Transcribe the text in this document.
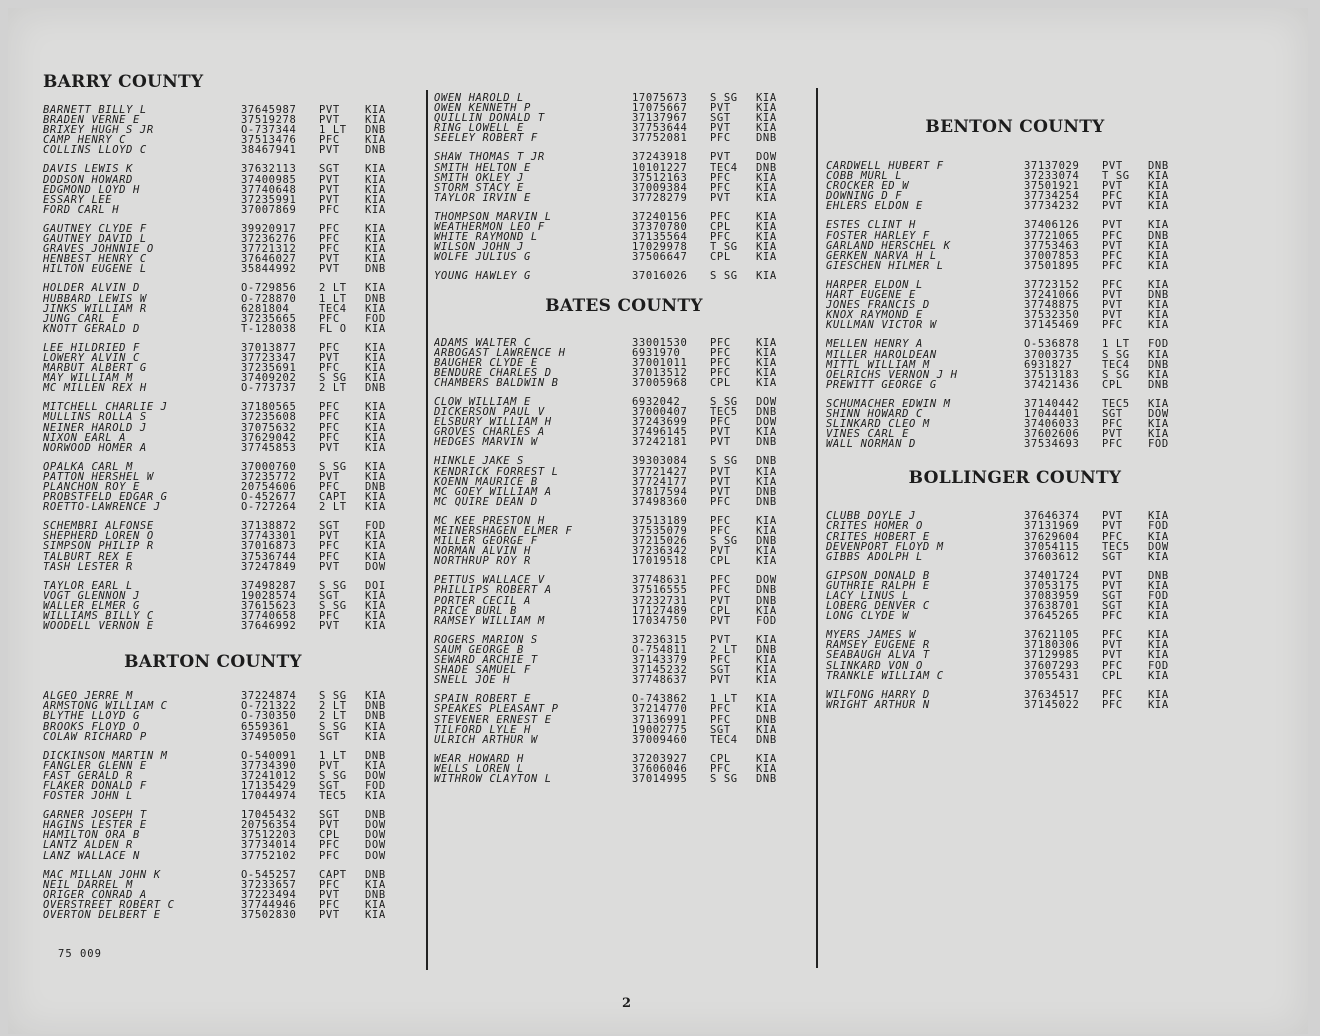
BARRY COUNTY
BARNETT BILLY L	37645987	PVT	KIA
BRADEN VERNE E	37519278	PVT	KIA
BRIXEY HUGH S JR	O-737344	1 LT	DNB
CAMP HENRY C	37513476	PFC	KIA
COLLINS LLOYD C	38467941	PVT	DNB
DAVIS LEWIS K	37632113	SGT	KIA
DODSON HOWARD	37400985	PVT	KIA
EDGMOND LOYD H	37740648	PVT	KIA
ESSARY LEE	37235991	PVT	KIA
FORD CARL H	37007869	PFC	KIA
GAUTNEY CLYDE F	39920917	PFC	KIA
GAUTNEY DAVID L	37236276	PFC	KIA
GRAVES JOHNNIE O	37721312	PFC	KIA
HENBEST HENRY C	37646027	PVT	KIA
HILTON EUGENE L	35844992	PVT	DNB
HOLDER ALVIN D	O-729856	2 LT	KIA
HUBBARD LEWIS W	O-728870	1 LT	DNB
JINKS WILLIAM R	6281804	TEC4	KIA
JUNG CARL E	37235665	PFC	FOD
KNOTT GERALD D	T-128038	FL O	KIA
LEE HILDRIED F	37013877	PFC	KIA
LOWERY ALVIN C	37723347	PVT	KIA
MARBUT ALBERT G	37235691	PFC	KIA
MAY WILLIAM M	37409202	S SG	KIA
MC MILLEN REX H	O-773737	2 LT	DNB
MITCHELL CHARLIE J	37180565	PFC	KIA
MULLINS ROLLA S	37235608	PFC	KIA
NEINER HAROLD J	37075632	PFC	KIA
NIXON EARL A	37629042	PFC	KIA
NORWOOD HOMER A	37745853	PVT	KIA
OPALKA CARL M	37000760	S SG	KIA
PATTON HERSHEL W	37235772	PVT	KIA
PLANCHON ROY E	20754606	PFC	DNB
PROBSTFELD EDGAR G	O-452677	CAPT	KIA
ROETTO-LAWRENCE J	O-727264	2 LT	KIA
SCHEMBRI ALFONSE	37138872	SGT	FOD
SHEPHERD LOREN O	37743301	PVT	KIA
SIMPSON PHILIP R	37016873	PFC	KIA
TALBURT REX E	37536744	PFC	KIA
TASH LESTER R	37247849	PVT	DOW
TAYLOR EARL L	37498287	S SG	DOI
VOGT GLENNON J	19028574	SGT	KIA
WALLER ELMER G	37615623	S SG	KIA
WILLIAMS BILLY C	37740658	PFC	KIA
WOODELL VERNON E	37646992	PVT	KIA
BARTON COUNTY
ALGEO JERRE M	37224874	S SG	KIA
ARMSTONG WILLIAM C	O-721322	2 LT	DNB
BLYTHE LLOYD G	O-730350	2 LT	DNB
BROOKS FLOYD O	6559361	S SG	KIA
COLAW RICHARD P	37495050	SGT	KIA
DICKINSON MARTIN M	O-540091	1 LT	DNB
FANGLER GLENN E	37734390	PVT	KIA
FAST GERALD R	37241012	S SG	DOW
FLAKER DONALD F	17135429	SGT	FOD
FOSTER JOHN L	17044974	TEC5	KIA
GARNER JOSEPH T	17045432	SGT	DNB
HAGINS LESTER E	20756354	PVT	DOW
HAMILTON ORA B	37512203	CPL	DOW
LANTZ ALDEN R	37734014	PFC	DOW
LANZ WALLACE N	37752102	PFC	DOW
MAC MILLAN JOHN K	O-545257	CAPT	DNB
NEIL DARREL M	37233657	PFC	KIA
ORIGER CONRAD A	37223494	PVT	DNB
OVERSTREET ROBERT C	37744946	PFC	KIA
OVERTON DELBERT E	37502830	PVT	KIA
OWEN HAROLD L	17075673	S SG	KIA
OWEN KENNETH P	17075667	PVT	KIA
QUILLIN DONALD T	37137967	SGT	KIA
RING LOWELL E	37753644	PVT	KIA
SEELEY ROBERT F	37752081	PFC	DNB
SHAW THOMAS T JR	37243918	PVT	DOW
SMITH HELTON E	10101227	TEC4	DNB
SMITH OKLEY J	37512163	PFC	KIA
STORM STACY E	37009384	PFC	KIA
TAYLOR IRVIN E	37728279	PVT	KIA
THOMPSON MARVIN L	37240156	PFC	KIA
WEATHERMON LEO F	37370780	CPL	KIA
WHITE RAYMOND L	37135564	PFC	KIA
WILSON JOHN J	17029978	T SG	KIA
WOLFE JULIUS G	37506647	CPL	KIA
YOUNG HAWLEY G	37016026	S SG	KIA
BATES COUNTY
ADAMS WALTER C	33001530	PFC	KIA
ARBOGAST LAWRENCE H	6931970	PFC	KIA
BAUGHER CLYDE E	37001011	PFC	KIA
BENDURE CHARLES D	37013512	PFC	KIA
CHAMBERS BALDWIN B	37005968	CPL	KIA
CLOW WILLIAM E	6932042	S SG	DOW
DICKERSON PAUL V	37000407	TEC5	DNB
ELSBURY WILLIAM H	37243699	PFC	DOW
GROVES CHARLES A	37496145	PVT	KIA
HEDGES MARVIN W	37242181	PVT	DNB
HINKLE JAKE S	39303084	S SG	DNB
KENDRICK FORREST L	37721427	PVT	KIA
KOENN MAURICE B	37724177	PVT	KIA
MC GOEY WILLIAM A	37817594	PVT	DNB
MC QUIRE DEAN D	37498360	PFC	DNB
MC KEE PRESTON H	37513189	PFC	KIA
MEINERSHAGEN ELMER F	37535079	PFC	KIA
MILLER GEORGE F	37215026	S SG	DNB
NORMAN ALVIN H	37236342	PVT	KIA
NORTHRUP ROY R	17019518	CPL	KIA
PETTUS WALLACE V	37748631	PFC	DOW
PHILLIPS ROBERT A	37516555	PFC	DNB
PORTER CECIL A	37232731	PVT	DNB
PRICE BURL B	17127489	CPL	KIA
RAMSEY WILLIAM M	17034750	PVT	FOD
ROGERS MARION S	37236315	PVT	KIA
SAUM GEORGE B	O-754811	2 LT	DNB
SEWARD ARCHIE T	37143379	PFC	KIA
SHADE SAMUEL F	37145232	SGT	KIA
SNELL JOE H	37748637	PVT	KIA
SPAIN ROBERT E	O-743862	1 LT	KIA
SPEAKES PLEASANT P	37214770	PFC	KIA
STEVENER ERNEST E	37136991	PFC	DNB
TILFORD LYLE H	19002775	SGT	KIA
ULRICH ARTHUR W	37009460	TEC4	DNB
WEAR HOWARD H	37203927	CPL	KIA
WELLS LOREN L	37606046	PFC	KIA
WITHROW CLAYTON L	37014995	S SG	DNB
BENTON COUNTY
CARDWELL HUBERT F	37137029	PVT	DNB
COBB MURL L	37233074	T SG	KIA
CROCKER ED W	37501921	PVT	KIA
DOWNING D F	37734254	PFC	KIA
EHLERS ELDON E	37734232	PVT	KIA
ESTES CLINT H	37406126	PVT	KIA
FOSTER HARLEY F	37721065	PFC	DNB
GARLAND HERSCHEL K	37753463	PVT	KIA
GERKEN NARVA H L	37007853	PFC	KIA
GIESCHEN HILMER L	37501895	PFC	KIA
HARPER ELDON L	37723152	PFC	KIA
HART EUGENE E	37241066	PVT	DNB
JONES FRANCIS D	37748875	PVT	KIA
KNOX RAYMOND E	37532350	PVT	KIA
KULLMAN VICTOR W	37145469	PFC	KIA
MELLEN HENRY A	O-536878	1 LT	FOD
MILLER HAROLDEAN	37003735	S SG	KIA
MITTL WILLIAM M	6931827	TEC4	DNB
OELRICHS VERNON J H	37513183	S SG	KIA
PREWITT GEORGE G	37421436	CPL	DNB
SCHUMACHER EDWIN M	37140442	TEC5	KIA
SHINN HOWARD C	17044401	SGT	DOW
SLINKARD CLEO M	37406033	PFC	KIA
VINES CARL E	37602606	PVT	KIA
WALL NORMAN D	37534693	PFC	FOD
BOLLINGER COUNTY
CLUBB DOYLE J	37646374	PVT	KIA
CRITES HOMER O	37131969	PVT	FOD
CRITES HOBERT E	37629604	PFC	KIA
DEVENPORT FLOYD M	37054115	TEC5	DOW
GIBBS ADOLPH L	37603612	SGT	KIA
GIPSON DONALD B	37401724	PVT	DNB
GUTHRIE RALPH E	37053175	PVT	KIA
LACY LINUS L	37083959	SGT	FOD
LOBERG DENVER C	37638701	SGT	KIA
LONG CLYDE W	37645265	PFC	KIA
MYERS JAMES W	37621105	PFC	KIA
RAMSEY EUGENE R	37180306	PVT	KIA
SEABAUGH ALVA T	37129985	PVT	KIA
SLINKARD VON O	37607293	PFC	FOD
TRANKLE WILLIAM C	37055431	CPL	KIA
WILFONG HARRY D	37634517	PFC	KIA
WRIGHT ARTHUR N	37145022	PFC	KIA
75 009
2
